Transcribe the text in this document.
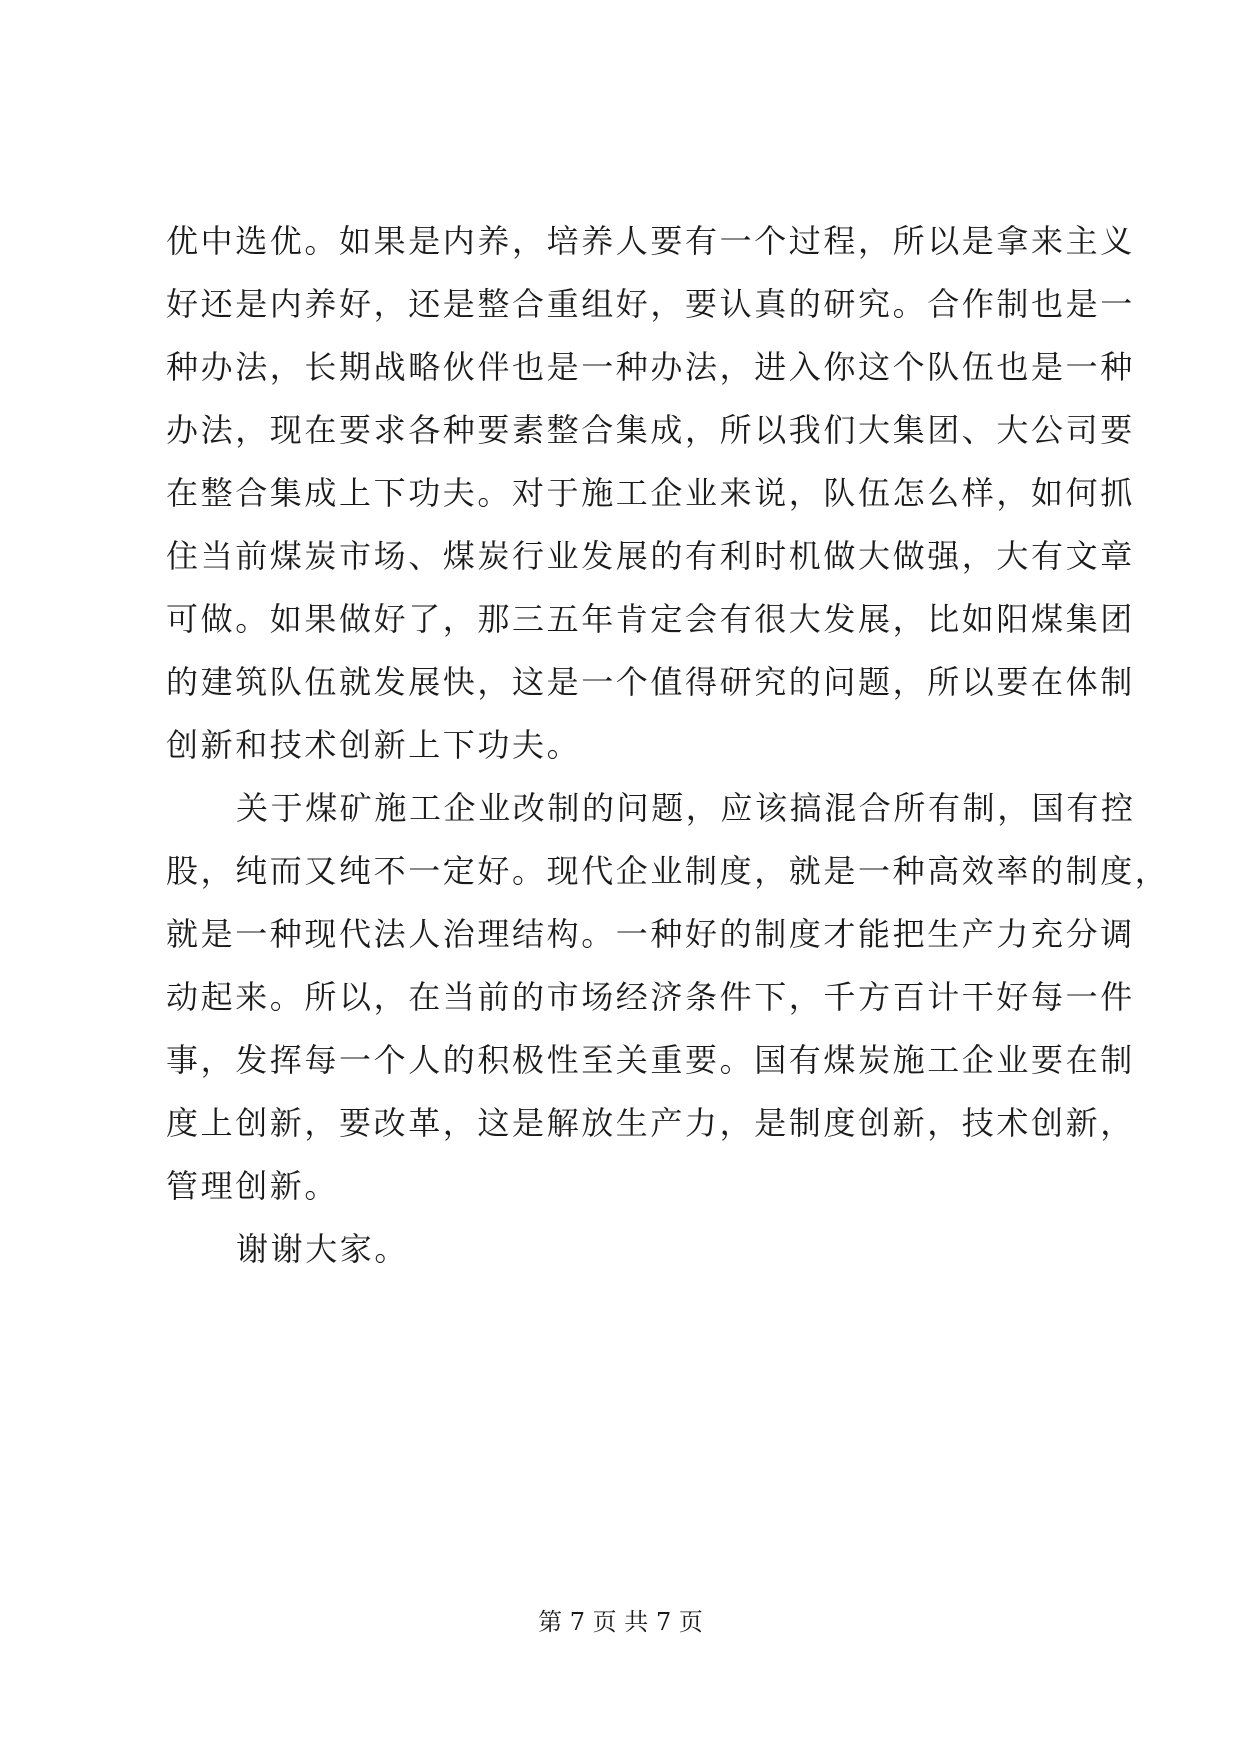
优中选优。如果是内养，培养人要有一个过程，所以是拿来主义
好还是内养好，还是整合重组好，要认真的研究。合作制也是一
种办法，长期战略伙伴也是一种办法，进入你这个队伍也是一种
办法，现在要求各种要素整合集成，所以我们大集团、大公司要
在整合集成上下功夫。对于施工企业来说，队伍怎么样，如何抓
住当前煤炭市场、煤炭行业发展的有利时机做大做强，大有文章
可做。如果做好了，那三五年肯定会有很大发展，比如阳煤集团
的建筑队伍就发展快，这是一个值得研究的问题，所以要在体制
创新和技术创新上下功夫。
关于煤矿施工企业改制的问题，应该搞混合所有制，国有控
股，纯而又纯不一定好。现代企业制度，就是一种高效率的制度，
就是一种现代法人治理结构。一种好的制度才能把生产力充分调
动起来。所以，在当前的市场经济条件下，千方百计干好每一件
事，发挥每一个人的积极性至关重要。国有煤炭施工企业要在制
度上创新，要改革，这是解放生产力，是制度创新，技术创新，
管理创新。
谢谢大家。
第 7 页 共 7 页
